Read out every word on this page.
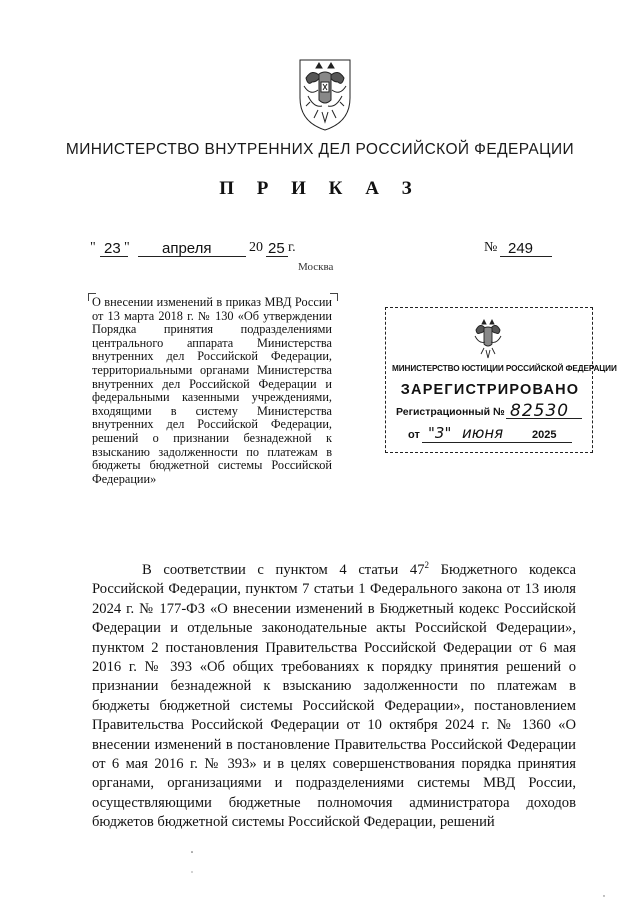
МИНИСТЕРСТВО ВНУТРЕННИХ ДЕЛ РОССИЙСКОЙ ФЕДЕРАЦИИ
П Р И К А З
" 23 " апреля	20 25 г.	№ 249
Москва
О внесении изменений в приказ МВД России от 13 марта 2018 г. № 130 «Об утверждении Порядка принятия подразделениями центрального аппарата Министерства внутренних дел Российской Федерации, территориальными органами Министерства внутренних дел Российской Федерации и федеральными казенными учреждениями, входящими в систему Министерства внутренних дел Российской Федерации, решений о признании безнадежной к взысканию задолженности по платежам в бюджеты бюджетной системы Российской Федерации»
МИНИСТЕРСТВО ЮСТИЦИИ РОССИЙСКОЙ ФЕДЕРАЦИИ
ЗАРЕГИСТРИРОВАНО
Регистрационный № 82530
от "3" июня	2025
В соответствии с пунктом 4 статьи $47^2$ Бюджетного кодекса Российской Федерации, пунктом 7 статьи 1 Федерального закона от 13 июля 2024 г. № 177-ФЗ «О внесении изменений в Бюджетный кодекс Российской Федерации и отдельные законодательные акты Российской Федерации», пунктом 2 постановления Правительства Российской Федерации от 6 мая 2016 г. № 393 «Об общих требованиях к порядку принятия решений о признании безнадежной к взысканию задолженности по платежам в бюджеты бюджетной системы Российской Федерации», постановлением Правительства Российской Федерации от 10 октября 2024 г. № 1360 «О внесении изменений в постановление Правительства Российской Федерации от 6 мая 2016 г. № 393» и в целях совершенствования порядка принятия органами, организациями и подразделениями системы МВД России, осуществляющими бюджетные полномочия администратора доходов бюджетов бюджетной системы Российской Федерации, решений
